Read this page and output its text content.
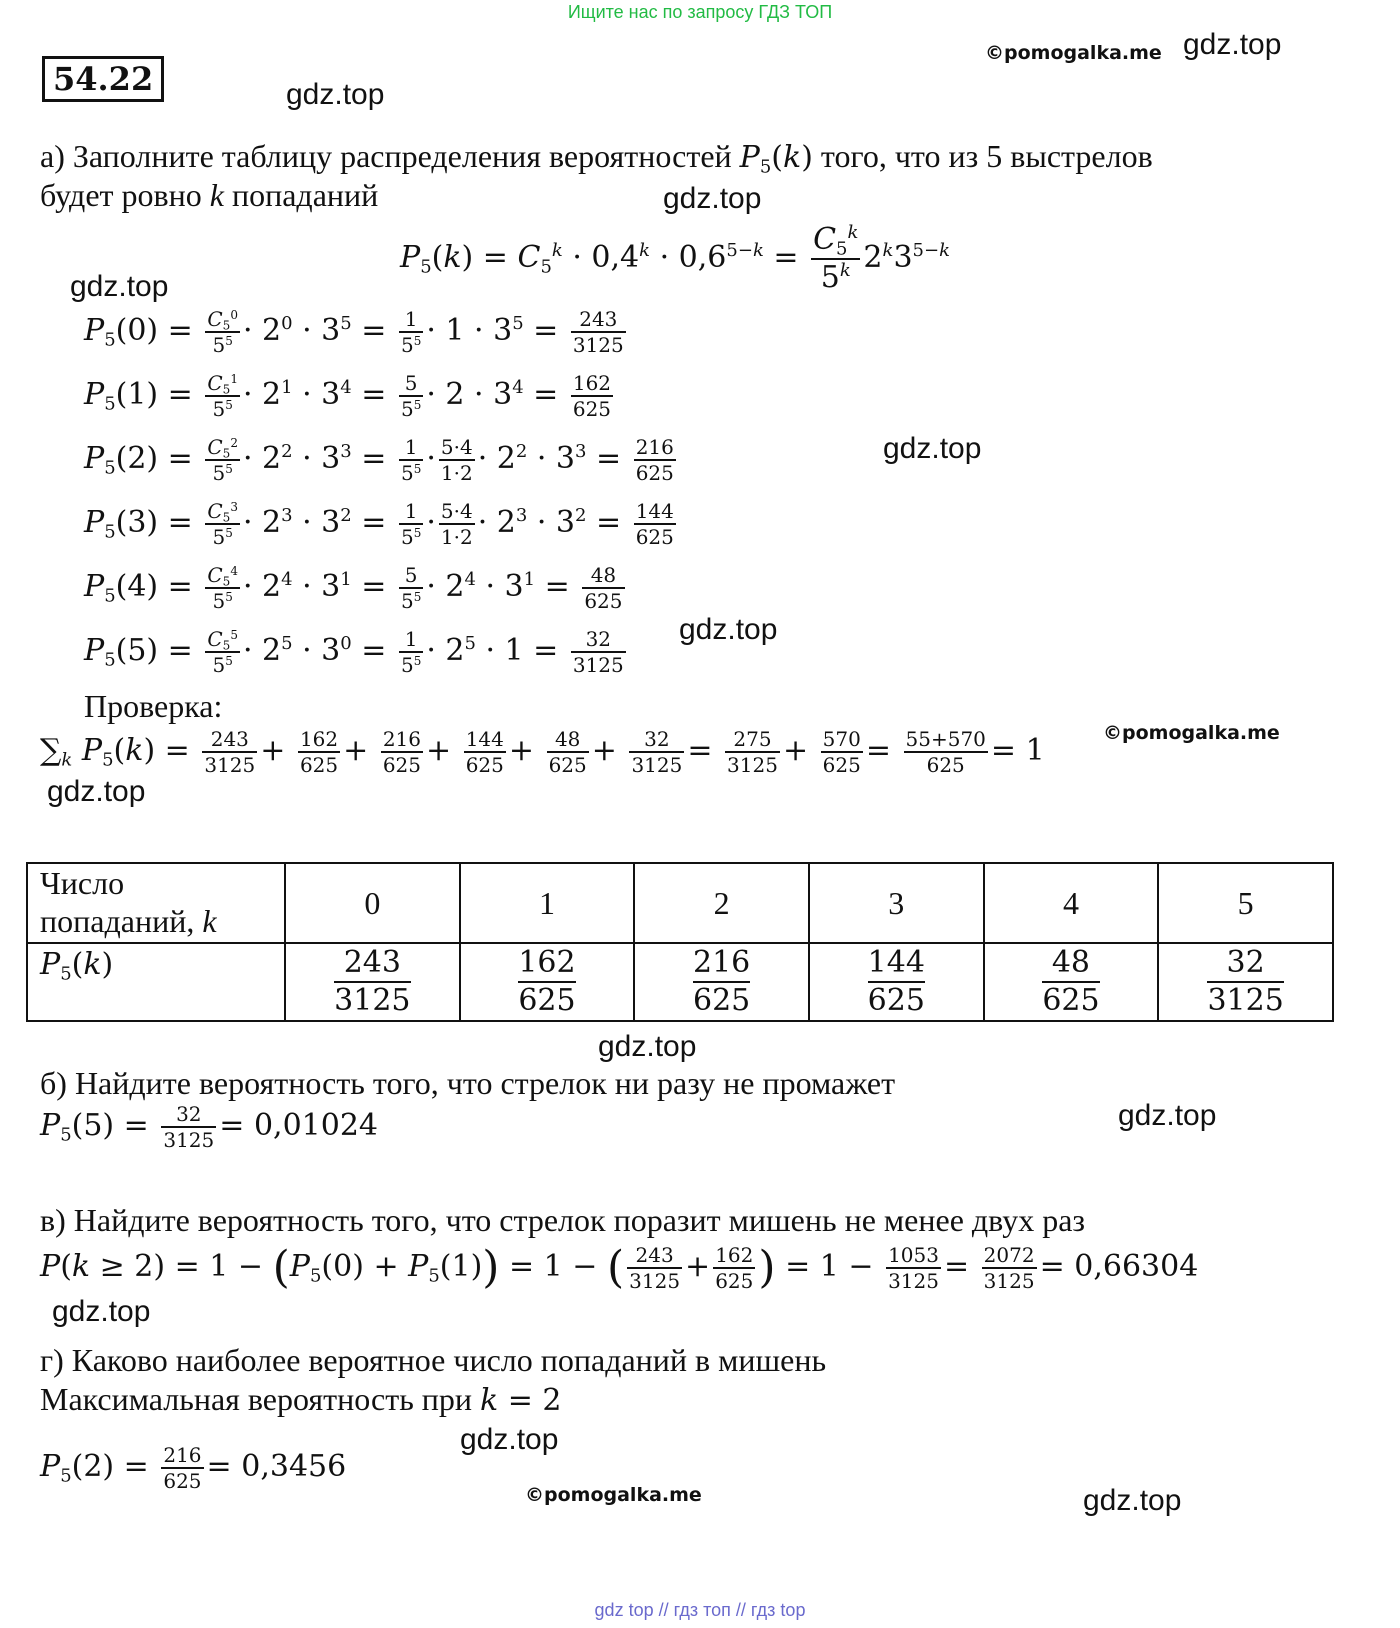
Ищите нас по запросу ГДЗ ТОП
54.22
©pomogalka.me gdz.top
gdz.top
gdz.top
gdz.top
gdz.top
gdz.top
©pomogalka.me
gdz.top
gdz.top
gdz.top
gdz.top
gdz.top
©pomogalka.me	gdz.top
а) Заполните таблицу распределения вероятностей $P_5(k)$ того, что из 5 выстрелов
будет ровно k попаданий
$P_5(k) = C_5^k \cdot 0,4^k \cdot 0,6^{5-k} = \frac{C_5^k}{5^k} 2^k3^{5-k}$
$P_5(0) = \frac{C_5^0}{5^5} \cdot 2^0 \cdot 3^5 = \frac{1}{5^5} \cdot 1 \cdot 3^5 = \frac{243}{3125}$
$P_5(1) = \frac{C_5^1}{5^5} \cdot 2^1 \cdot 3^4 = \frac{5}{5^5} \cdot 2 \cdot 3^4 = \frac{162}{625}$
$P_5(2) = \frac{C_5^2}{5^5} \cdot 2^2 \cdot 3^3 = \frac{1}{5^5} \cdot \frac{5\cdot 4}{1\cdot 2} \cdot 2^2 \cdot 3^3 = \frac{216}{625}$
$P_5(3) = \frac{C_5^3}{5^5} \cdot 2^3 \cdot 3^2 = \frac{1}{5^5} \cdot \frac{5\cdot 4}{1\cdot 2} \cdot 2^3 \cdot 3^2 = \frac{144}{625}$
$P_5(4) = \frac{C_5^4}{5^5} \cdot 2^4 \cdot 3^1 = \frac{5}{5^5} \cdot 2^4 \cdot 3^1 = \frac{48}{625}$
$P_5(5) = \frac{C_5^5}{5^5} \cdot 2^5 \cdot 3^0 = \frac{1}{5^5} \cdot 2^5 \cdot 1 = \frac{32}{3125}$
Проверка:
$\sum_k$ $P_5(k) = \frac{243}{3125} + \frac{162}{625} + \frac{216}{625} + \frac{144}{625} + \frac{48}{625} + \frac{32}{3125} = \frac{275}{3125} + \frac{570}{625} = \frac{55+570}{625} = 1$
Число
попаданий, k	0	1	2	3	4	5
$P_5(k)$	$\frac{243}{3125}$	$\frac{162}{625}$	$\frac{216}{625}$	$\frac{144}{625}$	$\frac{48}{625}$	$\frac{32}{3125}$
б) Найдите вероятность того, что стрелок ни разу не промажет
$P_5(5) = \frac{32}{3125} = 0,01024$
в) Найдите вероятность того, что стрелок поразит мишень не менее двух раз
$P(k \ge 2) = 1 - (P_5(0) + P_5(1)) = 1$ − ( $\frac{243}{3125} + \frac{162}{625}$ ) = $1 - \frac{1053}{3125} = \frac{2072}{3125} = 0,66304$
г) Каково наиболее вероятное число попаданий в мишень
Максимальная вероятность при k = 2
$P_5(2) = \frac{216}{625} = 0,3456$
gdz top // гдз топ // гдз top
